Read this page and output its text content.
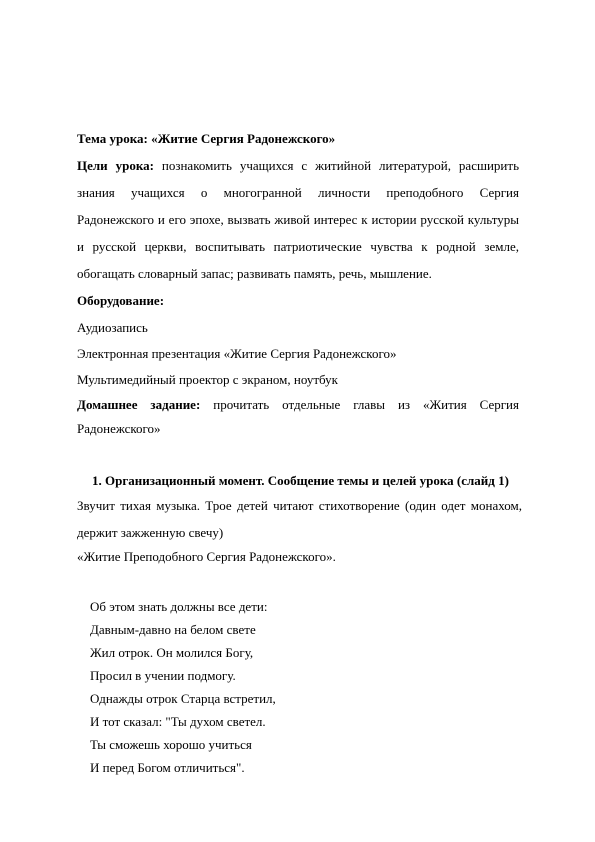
Тема урока: «Житие Сергия Радонежского»
Цели урока: познакомить учащихся с житийной литературой, расширить знания учащихся о многогранной личности преподобного Сергия Радонежского и его эпохе, вызвать живой интерес к истории русской культуры и русской церкви, воспитывать патриотические чувства к родной земле, обогащать словарный запас; развивать память, речь, мышление.
Оборудование:
Аудиозапись
Электронная презентация «Житие Сергия Радонежского»
Мультимедийный проектор с экраном, ноутбук
Домашнее задание: прочитать отдельные главы из «Жития Сергия
Радонежского»
1. Организационный момент. Сообщение темы и целей урока (слайд 1)
Звучит тихая музыка. Трое детей читают стихотворение (один одет монахом, держит зажженную свечу)
«Житие Преподобного Сергия Радонежского».
Об этом знать должны все дети:
Давным-давно на белом свете
Жил отрок. Он молился Богу,
Просил в учении подмогу.
Однажды отрок Старца встретил,
И тот сказал: "Ты духом светел.
Ты сможешь хорошо учиться
И перед Богом отличиться".
